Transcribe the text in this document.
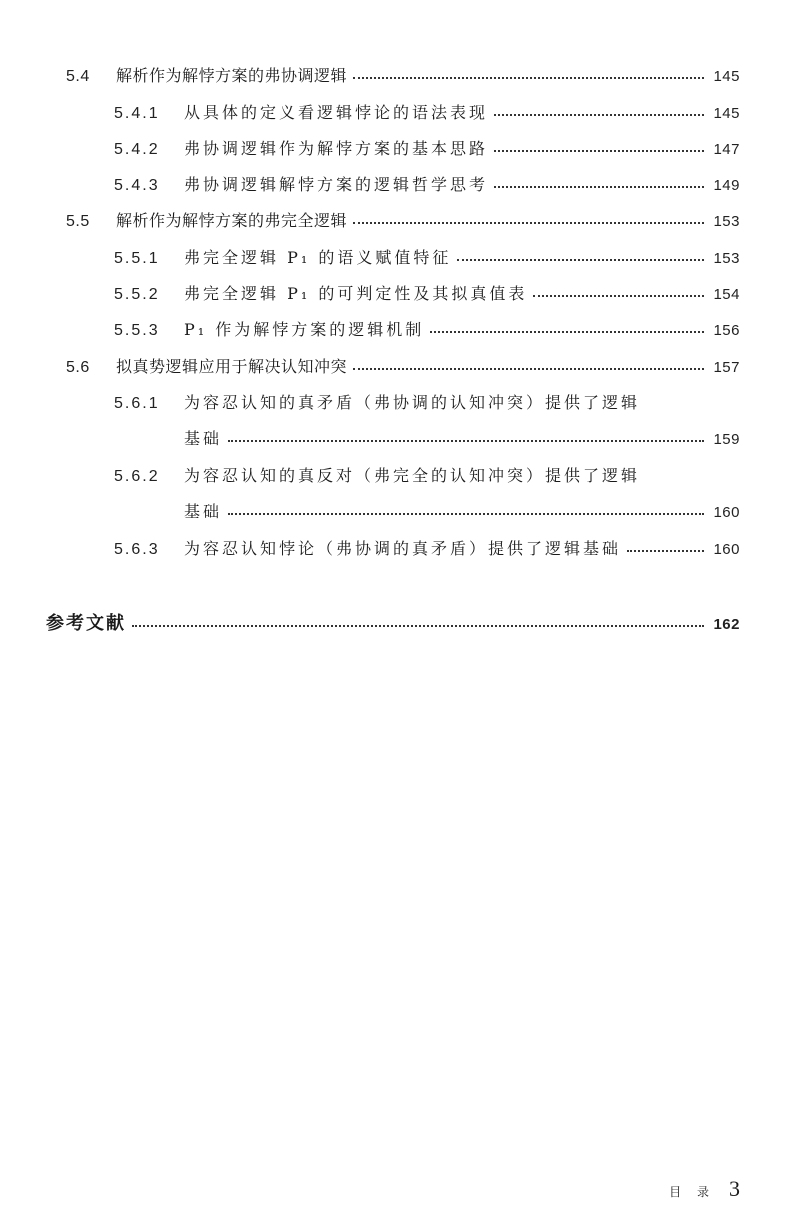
5.4	解析作为解悖方案的弗协调逻辑	145
5.4.1	从具体的定义看逻辑悖论的语法表现	145
5.4.2	弗协调逻辑作为解悖方案的基本思路	147
5.4.3	弗协调逻辑解悖方案的逻辑哲学思考	149
5.5	解析作为解悖方案的弗完全逻辑	153
5.5.1	弗完全逻辑 P₁ 的语义赋值特征	153
5.5.2	弗完全逻辑 P₁ 的可判定性及其拟真值表	154
5.5.3	P₁ 作为解悖方案的逻辑机制	156
5.6	拟真势逻辑应用于解决认知冲突	157
5.6.1	为容忍认知的真矛盾（弗协调的认知冲突）提供了逻辑
基础	159
5.6.2	为容忍认知的真反对（弗完全的认知冲突）提供了逻辑
基础	160
5.6.3	为容忍认知悖论（弗协调的真矛盾）提供了逻辑基础	160
参考文献	162
目 录 3
